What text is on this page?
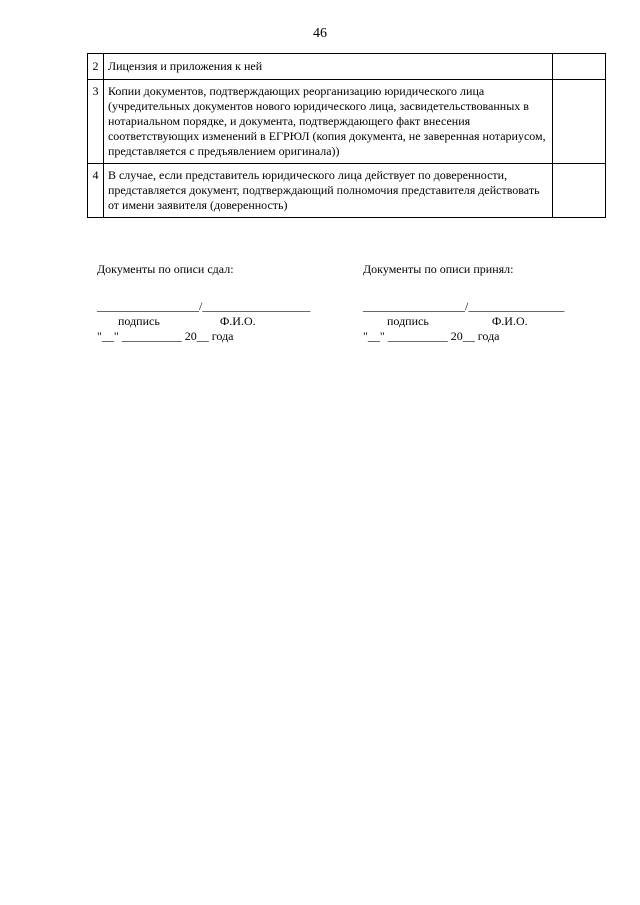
46
2	Лицензия и приложения к ней	
3	Копии документов, подтверждающих реорганизацию юридического лица (учредительных документов нового юридического лица, засвидетельствованных в нотариальном порядке, и документа, подтверждающего факт внесения соответствующих изменений в ЕГРЮЛ (копия документа, не заверенная нотариусом, представляется с предъявлением оригинала))	
4	В случае, если представитель юридического лица действует по доверенности, представляется документ, подтверждающий полномочия представителя действовать от имени заявителя (доверенность)	
Документы по описи сдал:
_________________/__________________
подпись                    Ф.И.О.
"__" __________ 20__ года
Документы по описи принял:
_________________/________________
подпись                     Ф.И.О.
"__" __________ 20__ года
